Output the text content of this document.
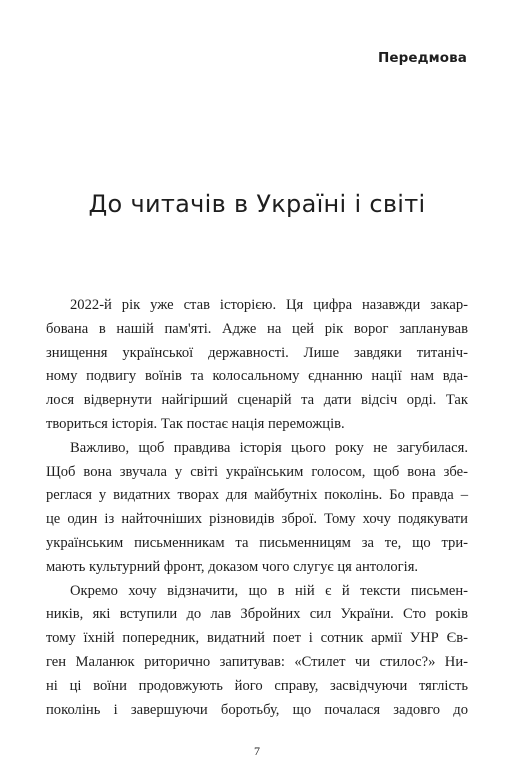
Передмова
До читачів в Україні і світі
2022-й рік уже став історією. Ця цифра назавжди закар-
бована в нашій пам'яті. Адже на цей рік ворог запланував
знищення української державності. Лише завдяки титаніч-
ному подвигу воїнів та колосальному єднанню нації нам вда-
лося відвернути найгірший сценарій та дати відсіч орді. Так
твориться історія. Так постає нація переможців.
Важливо, щоб правдива історія цього року не загубилася.
Щоб вона звучала у світі українським голосом, щоб вона збе-
реглася у видатних творах для майбутніх поколінь. Бо правда –
це один із найточніших різновидів зброї. Тому хочу подякувати
українським письменникам та письменницям за те, що три-
мають культурний фронт, доказом чого слугує ця антологія.
Окремо хочу відзначити, що в ній є й тексти письмен-
ників, які вступили до лав Збройних сил України. Сто років
тому їхній попередник, видатний поет і сотник армії УНР Єв-
ген Маланюк риторично запитував: «Стилет чи стилос?» Ни-
ні ці воїни продовжують його справу, засвідчуючи тяглість
поколінь і завершуючи боротьбу, що почалася задовго до
7
